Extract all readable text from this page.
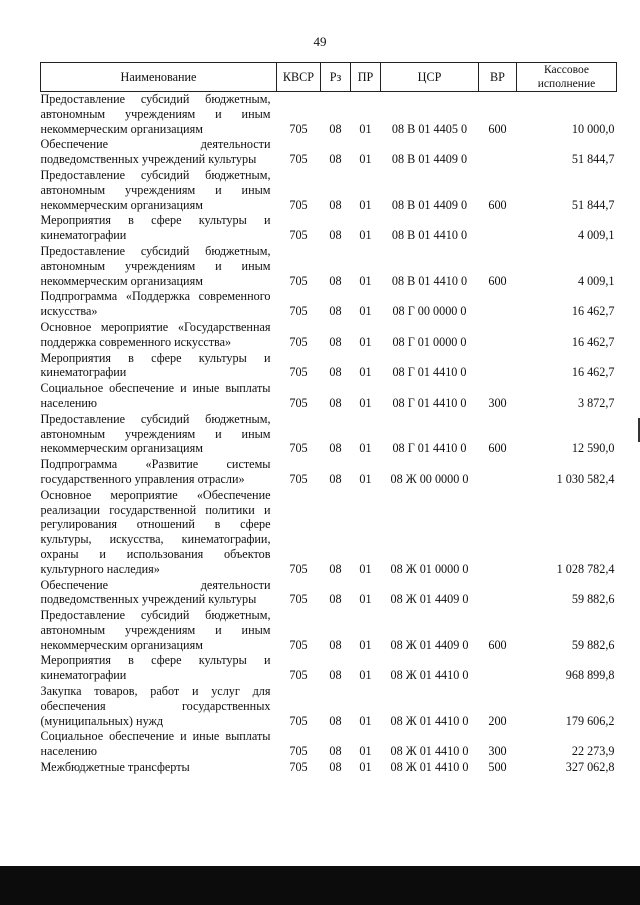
49
Наименование	КВСР	Рз	ПР	ЦСР	ВР	Кассовое исполнение
Предоставление субсидий бюджетным, автономным учреждениям и иным некоммерческим организациям	705	08	01	08 В 01 4405 0	600	10 000,0
Обеспечение деятельности подведомственных учреждений культуры	705	08	01	08 В 01 4409 0		51 844,7
Предоставление субсидий бюджетным, автономным учреждениям и иным некоммерческим организациям	705	08	01	08 В 01 4409 0	600	51 844,7
Мероприятия в сфере культуры и кинематографии	705	08	01	08 В 01 4410 0		4 009,1
Предоставление субсидий бюджетным, автономным учреждениям и иным некоммерческим организациям	705	08	01	08 В 01 4410 0	600	4 009,1
Подпрограмма «Поддержка современного искусства»	705	08	01	08 Г 00 0000 0		16 462,7
Основное мероприятие «Государственная поддержка современного искусства»	705	08	01	08 Г 01 0000 0		16 462,7
Мероприятия в сфере культуры и кинематографии	705	08	01	08 Г 01 4410 0		16 462,7
Социальное обеспечение и иные выплаты населению	705	08	01	08 Г 01 4410 0	300	3 872,7
Предоставление субсидий бюджетным, автономным учреждениям и иным некоммерческим организациям	705	08	01	08 Г 01 4410 0	600	12 590,0
Подпрограмма «Развитие системы государственного управления отрасли»	705	08	01	08 Ж 00 0000 0		1 030 582,4
Основное мероприятие «Обеспечение реализации государственной политики и регулирования отношений в сфере культуры, искусства, кинематографии, охраны и использования объектов культурного наследия»	705	08	01	08 Ж 01 0000 0		1 028 782,4
Обеспечение деятельности подведомственных учреждений культуры	705	08	01	08 Ж 01 4409 0		59 882,6
Предоставление субсидий бюджетным, автономным учреждениям и иным некоммерческим организациям	705	08	01	08 Ж 01 4409 0	600	59 882,6
Мероприятия в сфере культуры и кинематографии	705	08	01	08 Ж 01 4410 0		968 899,8
Закупка товаров, работ и услуг для обеспечения государственных (муниципальных) нужд	705	08	01	08 Ж 01 4410 0	200	179 606,2
Социальное обеспечение и иные выплаты населению	705	08	01	08 Ж 01 4410 0	300	22 273,9
Межбюджетные трансферты	705	08	01	08 Ж 01 4410 0	500	327 062,8
